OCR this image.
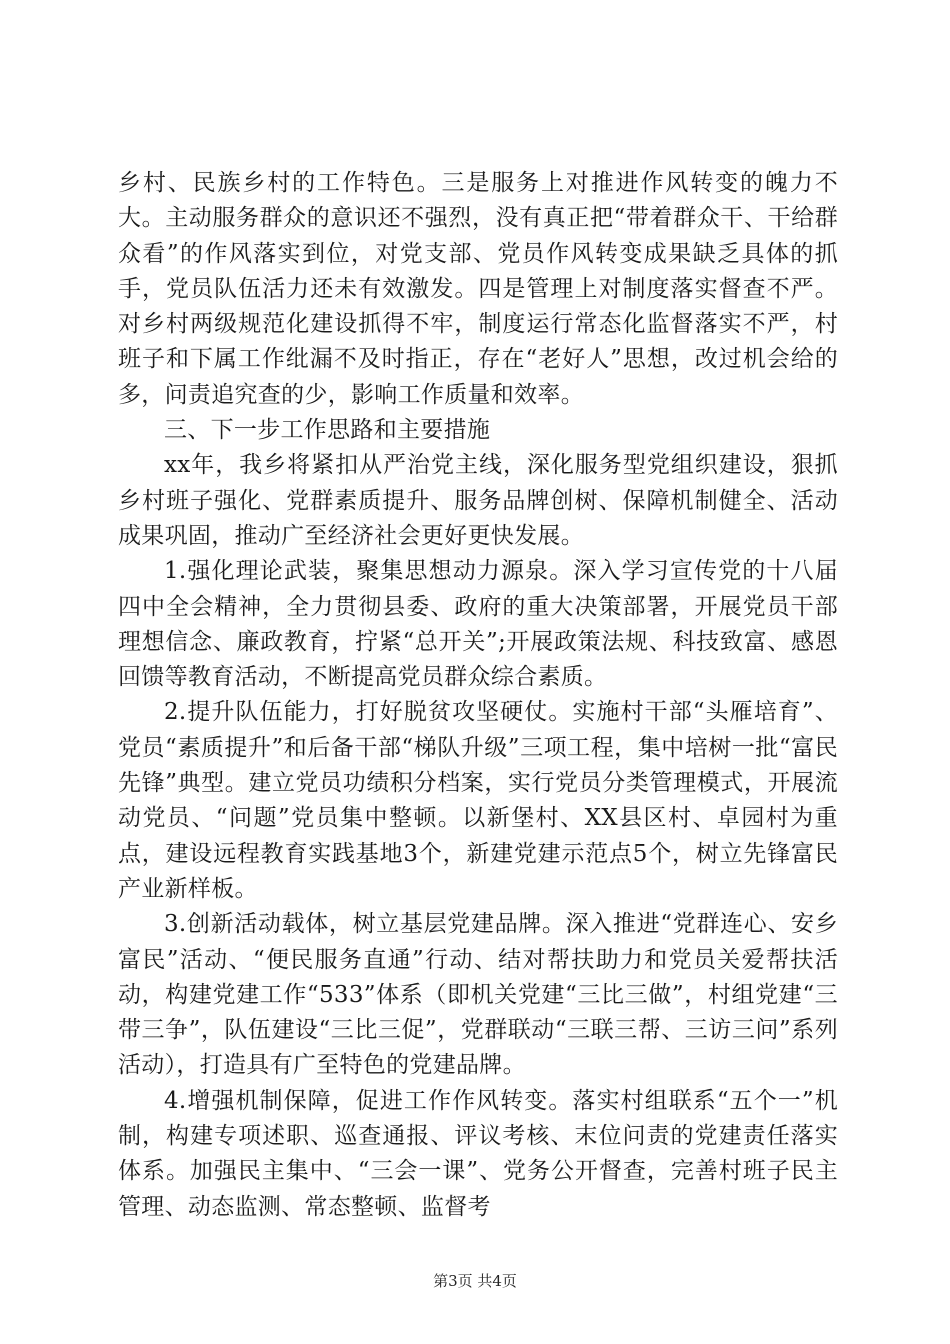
乡村、民族乡村的工作特色。三是服务上对推进作风转变的魄力不大。主动服务群众的意识还不强烈，没有真正把“带着群众干、干给群众看”的作风落实到位，对党支部、党员作风转变成果缺乏具体的抓手，党员队伍活力还未有效激发。四是管理上对制度落实督查不严。对乡村两级规范化建设抓得不牢，制度运行常态化监督落实不严，村班子和下属工作纰漏不及时指正，存在“老好人”思想，改过机会给的多，问责追究查的少，影响工作质量和效率。

三、下一步工作思路和主要措施

xx年，我乡将紧扣从严治党主线，深化服务型党组织建设，狠抓乡村班子强化、党群素质提升、服务品牌创树、保障机制健全、活动成果巩固，推动广至经济社会更好更快发展。

1.强化理论武装，聚集思想动力源泉。深入学习宣传党的十八届四中全会精神，全力贯彻县委、政府的重大决策部署，开展党员干部理想信念、廉政教育，拧紧“总开关”;开展政策法规、科技致富、感恩回馈等教育活动，不断提高党员群众综合素质。

2.提升队伍能力，打好脱贫攻坚硬仗。实施村干部“头雁培育”、党员“素质提升”和后备干部“梯队升级”三项工程，集中培树一批“富民先锋”典型。建立党员功绩积分档案，实行党员分类管理模式，开展流动党员、“问题”党员集中整顿。以新堡村、XX县区村、卓园村为重点，建设远程教育实践基地3个，新建党建示范点5个，树立先锋富民产业新样板。

3.创新活动载体，树立基层党建品牌。深入推进“党群连心、安乡富民”活动、“便民服务直通”行动、结对帮扶助力和党员关爱帮扶活动，构建党建工作“533”体系（即机关党建“三比三做”，村组党建“三带三争”，队伍建设“三比三促”，党群联动“三联三帮、三访三问”系列活动），打造具有广至特色的党建品牌。

4.增强机制保障，促进工作作风转变。落实村组联系“五个一”机制，构建专项述职、巡查通报、评议考核、末位问责的党建责任落实体系。加强民主集中、“三会一课”、党务公开督查，完善村班子民主管理、动态监测、常态整顿、监督考

第3页 共4页
